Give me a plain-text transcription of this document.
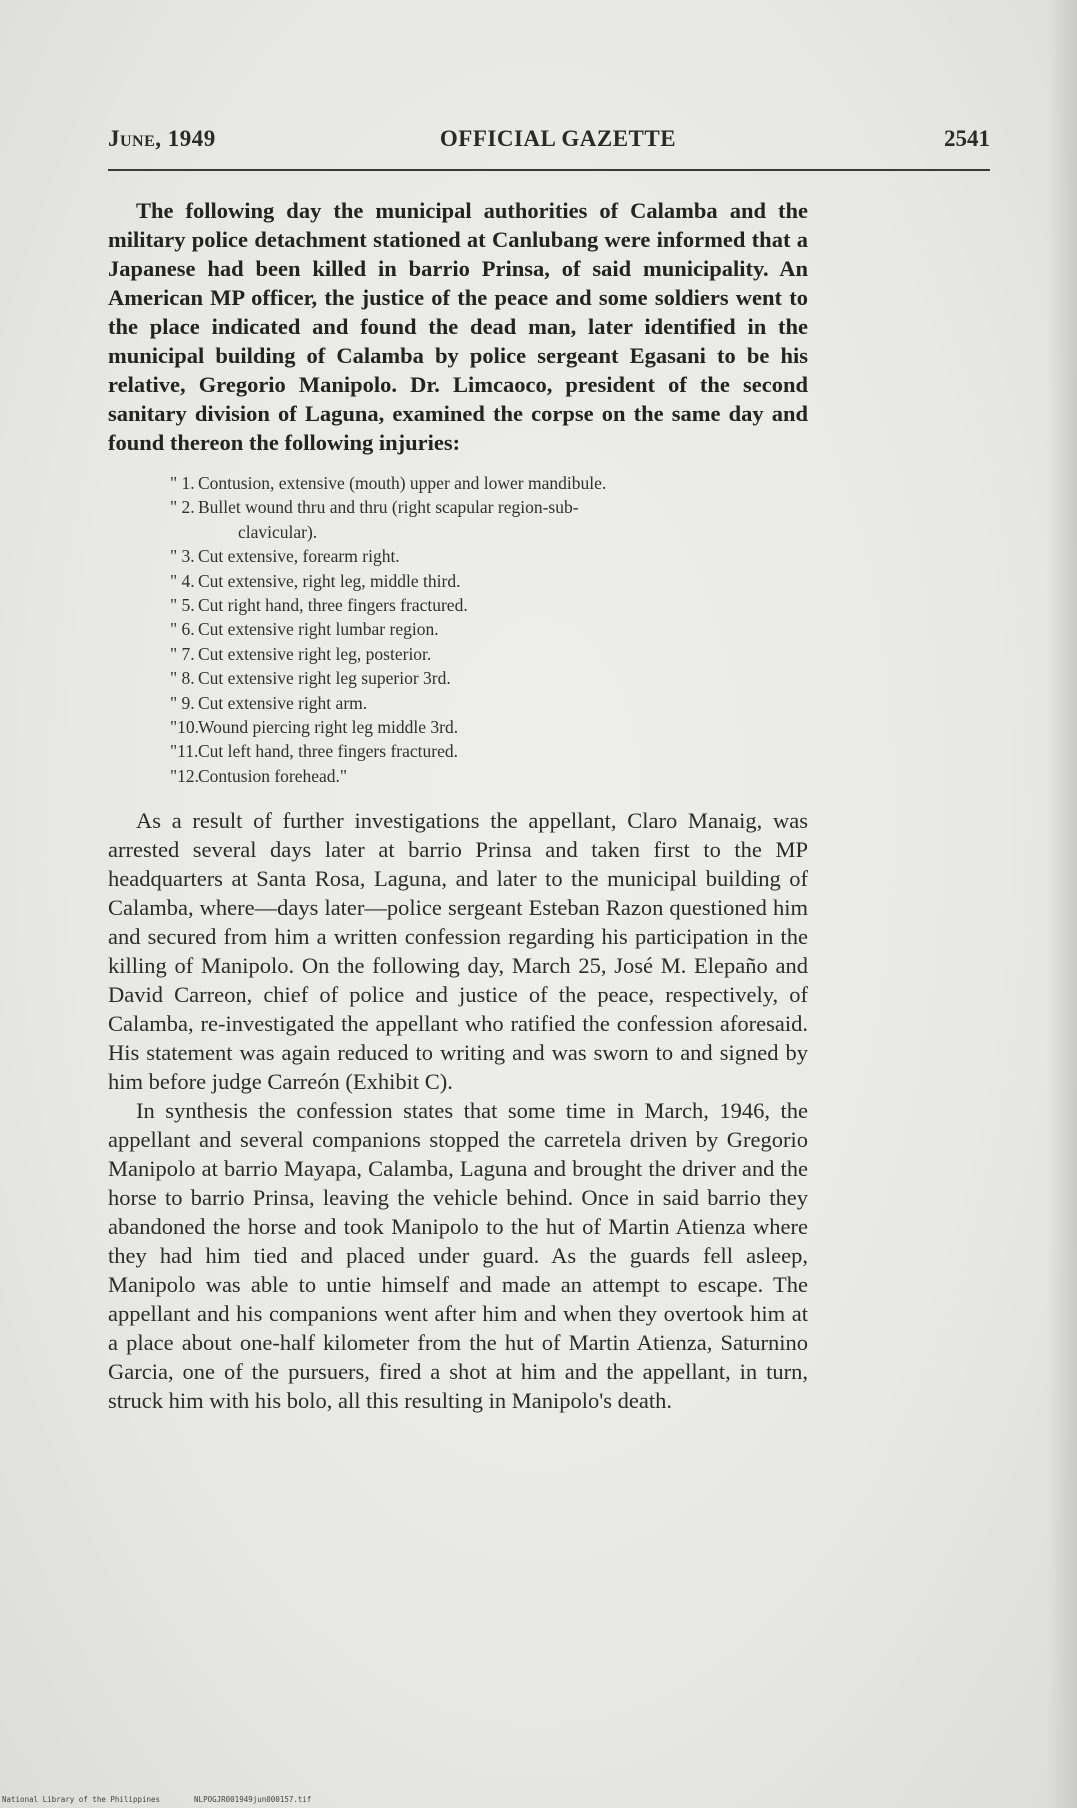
June, 1949	OFFICIAL GAZETTE	2541

The following day the municipal authorities of Calamba and the military police detachment stationed at Canlubang were informed that a Japanese had been killed in barrio Prinsa, of said municipality. An American MP officer, the justice of the peace and some soldiers went to the place indicated and found the dead man, later identified in the municipal building of Calamba by police sergeant Egasani to be his relative, Gregorio Manipolo. Dr. Limcaoco, president of the second sanitary division of Laguna, examined the corpse on the same day and found thereon the following injuries:

" 1. Contusion, extensive (mouth) upper and lower mandibule.
" 2. Bullet wound thru and thru (right scapular region-sub-
clavicular).
" 3. Cut extensive, forearm right.
" 4. Cut extensive, right leg, middle third.
" 5. Cut right hand, three fingers fractured.
" 6. Cut extensive right lumbar region.
" 7. Cut extensive right leg, posterior.
" 8. Cut extensive right leg superior 3rd.
" 9. Cut extensive right arm.
"10.
Wound piercing right leg middle 3rd.
"11. Cut left hand, three fingers fractured.
"12.
Contusion forehead."

As a result of further investigations the appellant, Claro Manaig, was arrested several days later at barrio Prinsa and taken first to the MP headquarters at Santa Rosa, Laguna, and later to the municipal building of Calamba, where—days later—police sergeant Esteban Razon questioned him and secured from him a written confession regarding his participation in the killing of Manipolo. On the following day, March 25, José M. Elepaño and David Carreon, chief of police and justice of the peace, respectively, of Calamba, re-investigated the appellant who ratified the confession aforesaid. His statement was again reduced to writing and was sworn to and signed by him before judge Carreón (Exhibit C).

In synthesis the confession states that some time in March, 1946, the appellant and several companions stopped the carretela driven by Gregorio Manipolo at barrio Mayapa, Calamba, Laguna and brought the driver and the horse to barrio Prinsa, leaving the vehicle behind. Once in said barrio they abandoned the horse and took Manipolo to the hut of Martin Atienza where they had him tied and placed under guard. As the guards fell asleep, Manipolo was able to untie himself and made an attempt to escape. The appellant and his companions went after him and when they overtook him at a place about one-half kilometer from the hut of Martin Atienza, Saturnino Garcia, one of the pursuers, fired a shot at him and the appellant, in turn, struck him with his bolo, all this resulting in Manipolo's death.

National Library of the Philippines	NLPOGJR001949jun000157.tif
